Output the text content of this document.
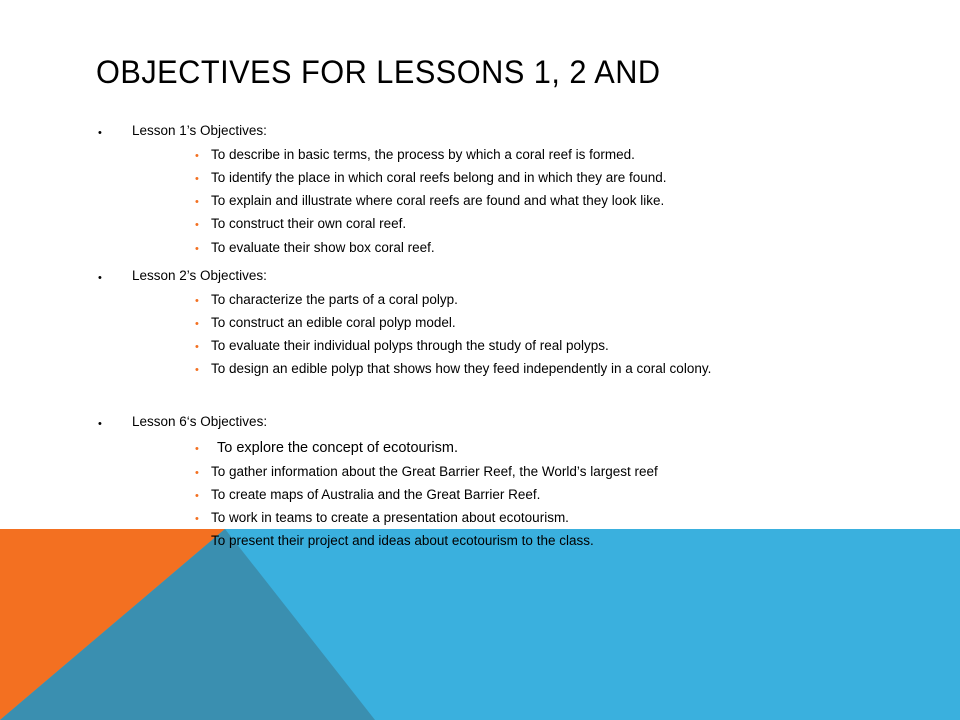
OBJECTIVES FOR LESSONS 1, 2 AND
• Lesson 1’s Objectives:
• To describe in basic terms, the process by which a coral reef is formed.
• To identify the place in which coral reefs belong and in which they are found.
• To explain and illustrate where coral reefs are found and what they look like.
• To construct their own coral reef.
• To evaluate their show box coral reef.
• Lesson 2’s Objectives:
• To characterize the parts of a coral polyp.
• To construct an edible coral polyp model.
• To evaluate their individual polyps through the study of real polyps.
• To design an edible polyp that shows how they feed independently in a coral colony.
• Lesson 6‘s Objectives:
• To explore the concept of ecotourism.
• To gather information about the Great Barrier Reef, the World’s largest reef
• To create maps of Australia and the Great Barrier Reef.
• To work in teams to create a presentation about ecotourism.
• To present their project and ideas about ecotourism to the class.
